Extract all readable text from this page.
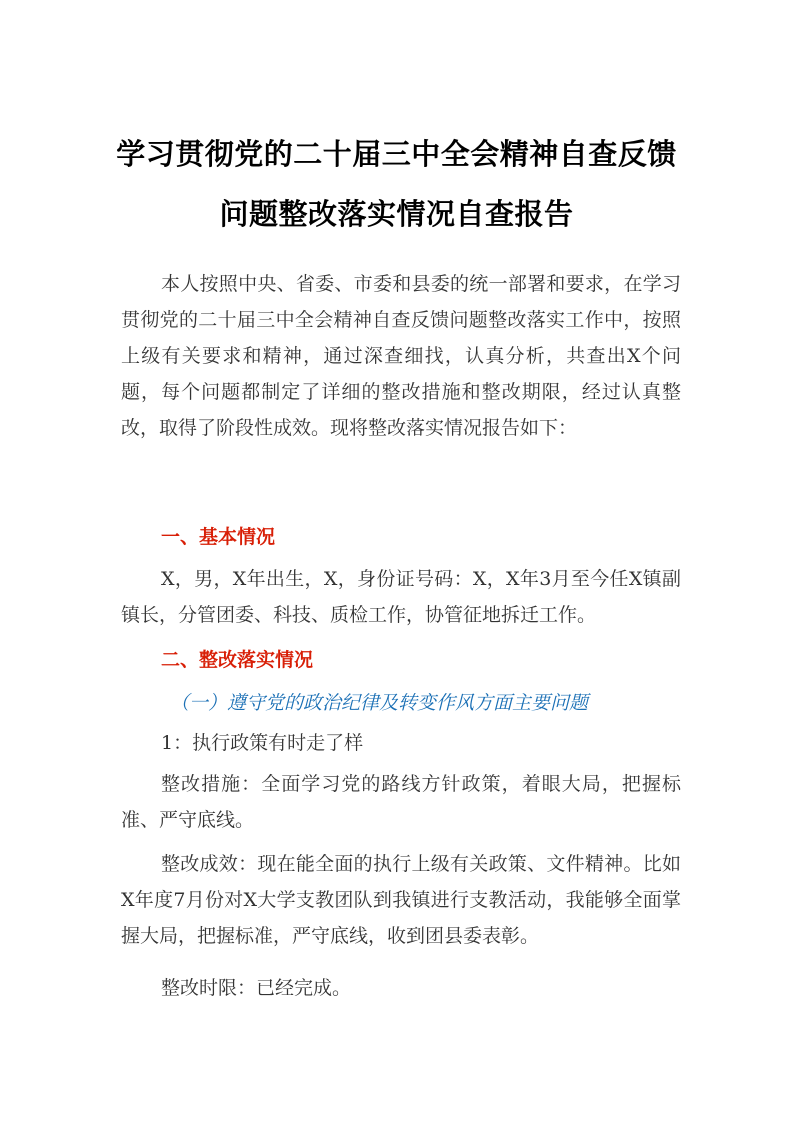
学习贯彻党的二十届三中全会精神自查反馈
问题整改落实情况自查报告

本人按照中央、省委、市委和县委的统一部署和要求，在学习贯彻党的二十届三中全会精神自查反馈问题整改落实工作中，按照上级有关要求和精神，通过深查细找，认真分析，共查出X个问题，每个问题都制定了详细的整改措施和整改期限，经过认真整改，取得了阶段性成效。现将整改落实情况报告如下：

一、基本情况

X，男，X年出生，X，身份证号码：X，X年3月至今任X镇副镇长，分管团委、科技、质检工作，协管征地拆迁工作。

二、整改落实情况
（一）遵守党的政治纪律及转变作风方面主要问题

1：执行政策有时走了样

整改措施：全面学习党的路线方针政策，着眼大局，把握标准、严守底线。

整改成效：现在能全面的执行上级有关政策、文件精神。比如X年度7月份对X大学支教团队到我镇进行支教活动，我能够全面掌握大局，把握标准，严守底线，收到团县委表彰。

整改时限：已经完成。
